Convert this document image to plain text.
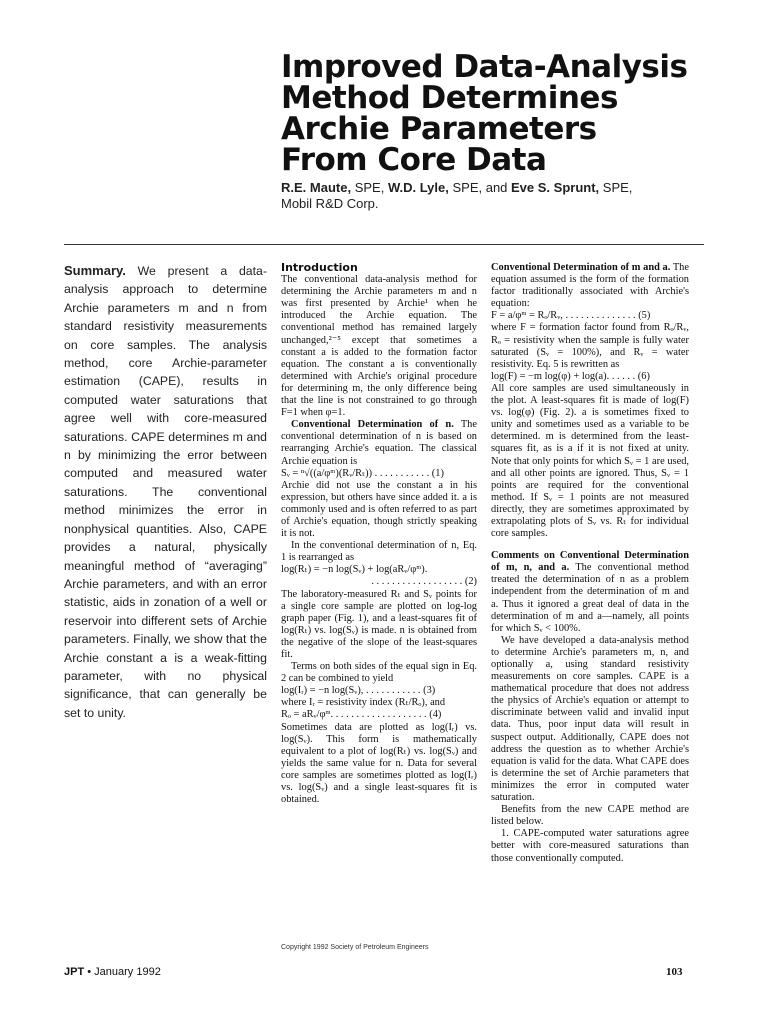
Improved Data-Analysis
Method Determines
Archie Parameters
From Core Data
R.E. Maute, SPE, W.D. Lyle, SPE, and Eve S. Sprunt, SPE,
Mobil R&D Corp.
Summary. We present a data-analysis approach to determine Archie parameters m and n from standard resistivity measurements on core samples. The analysis method, core Archie-parameter estimation (CAPE), results in computed water saturations that agree well with core-measured saturations. CAPE determines m and n by minimizing the error between computed and measured water saturations. The conventional method minimizes the error in nonphysical quantities. Also, CAPE provides a natural, physically meaningful method of “averaging” Archie parameters, and with an error statistic, aids in zonation of a well or reservoir into different sets of Archie parameters. Finally, we show that the Archie constant a is a weak-fitting parameter, with no physical significance, that can generally be set to unity.

Introduction

The conventional data-analysis method for determining the Archie parameters m and n was first presented by Archie¹ when he introduced the Archie equation. The conventional method has remained largely unchanged,²⁻⁵ except that sometimes a constant a is added to the formation factor equation. The constant a is conventionally determined with Archie's original procedure for determining m, the only difference being that the line is not constrained to go through F=1 when φ=1.

Conventional Determination of n. The conventional determination of n is based on rearranging Archie's equation. The classical Archie equation is

Sᵥ = ⁿ√((a/φᵐ)(Rᵥ/Rₜ)) . . . . . . . . . . . (1)

Archie did not use the constant a in his expression, but others have since added it. a is commonly used and is often referred to as part of Archie's equation, though strictly speaking it is not.

In the conventional determination of n, Eq. 1 is rearranged as

log(Rₜ) = −n log(Sᵥ) + log(aRᵥ/φᵐ).

. . . . . . . . . . . . . . . . . . (2)

The laboratory-measured Rₜ and Sᵥ points for a single core sample are plotted on log-log graph paper (Fig. 1), and a least-squares fit of log(Rₜ) vs. log(Sᵥ) is made. n is obtained from the negative of the slope of the least-squares fit.

Terms on both sides of the equal sign in Eq. 2 can be combined to yield

log(Iᵣ) = −n log(Sᵥ), . . . . . . . . . . . (3)

where Iᵣ = resistivity index (Rₜ/Rₒ), and

Rₒ = aRᵥ/φᵐ. . . . . . . . . . . . . . . . . . . (4)

Sometimes data are plotted as log(Iᵣ) vs. log(Sᵥ). This form is mathematically equivalent to a plot of log(Rₜ) vs. log(Sᵥ) and yields the same value for n. Data for several core samples are sometimes plotted as log(Iᵣ) vs. log(Sᵥ) and a single least-squares fit is obtained.

Conventional Determination of m and a. The equation assumed is the form of the formation factor traditionally associated with Archie's equation:

F = a/φᵐ = Rₒ/Rᵥ, . . . . . . . . . . . . . . (5)

where F = formation factor found from Rₒ/Rᵥ, Rₒ = resistivity when the sample is fully water saturated (Sᵥ = 100%), and Rᵥ = water resistivity. Eq. 5 is rewritten as

log(F) = −m log(φ) + log(a). . . . . . (6)

All core samples are used simultaneously in the plot. A least-squares fit is made of log(F) vs. log(φ) (Fig. 2). a is sometimes fixed to unity and sometimes used as a variable to be determined. m is determined from the least-squares fit, as is a if it is not fixed at unity. Note that only points for which Sᵥ = 1 are used, and all other points are ignored. Thus, Sᵥ = 1 points are required for the conventional method. If Sᵥ = 1 points are not measured directly, they are sometimes approximated by extrapolating plots of Sᵥ vs. Rₜ for individual core samples.

Comments on Conventional Determination of m, n, and a. The conventional method treated the determination of n as a problem independent from the determination of m and a. Thus it ignored a great deal of data in the determination of m and a—namely, all points for which Sᵥ < 100%.

We have developed a data-analysis method to determine Archie's parameters m, n, and optionally a, using standard resistivity measurements on core samples. CAPE is a mathematical procedure that does not address the physics of Archie's equation or attempt to discriminate between valid and invalid input data. Thus, poor input data will result in suspect output. Additionally, CAPE does not address the question as to whether Archie's equation is valid for the data. What CAPE does is determine the set of Archie parameters that minimizes the error in computed water saturation.

Benefits from the new CAPE method are listed below.

1. CAPE-computed water saturations agree better with core-measured saturations than those conventionally computed.

Copyright 1992 Society of Petroleum Engineers
JPT • January 1992	103
